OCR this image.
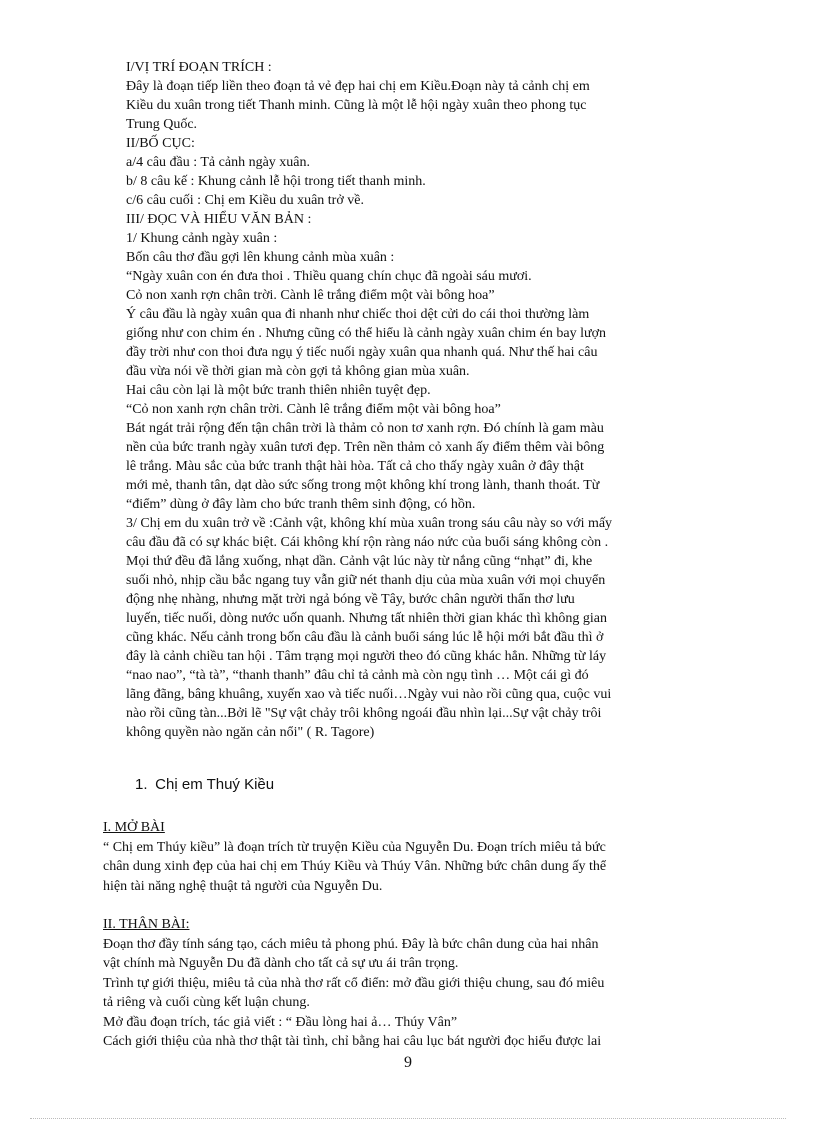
I/VỊ TRÍ ĐOẠN TRÍCH :
Đây là đoạn tiếp liền theo đoạn tả vẻ đẹp hai chị em Kiều.Đoạn này tả cảnh chị em
Kiều du xuân trong tiết Thanh minh. Cũng là một lễ hội ngày xuân theo phong tục
Trung Quốc.
II/BỐ CỤC:
a/4 câu đầu : Tả cảnh ngày xuân.
b/ 8 câu kế : Khung cảnh lễ hội trong tiết thanh minh.
c/6 câu cuối : Chị em Kiều du xuân trở về.
III/ ĐỌC VÀ HIỂU VĂN BẢN :
1/ Khung cảnh ngày xuân :
Bốn câu thơ đầu gợi lên khung cảnh mùa xuân :
“Ngày xuân con én đưa thoi . Thiều quang chín chục đã ngoài sáu mươi.
Cỏ non xanh rợn chân trời. Cành lê trắng điểm một vài bông hoa”
Ý câu đầu là ngày xuân qua đi nhanh như chiếc thoi dệt cửi do cái thoi thường làm
giống như con chim én . Nhưng cũng có thể hiểu là cảnh ngày xuân chim én bay lượn
đầy trời như con thoi đưa ngụ ý tiếc nuối ngày xuân qua nhanh quá. Như thế hai câu
đầu vừa nói về thời gian mà còn gợi tả không gian mùa xuân.
Hai câu còn lại là một bức tranh thiên nhiên tuyệt đẹp.
“Cỏ non xanh rợn chân trời. Cành lê trắng điểm một vài bông hoa”
Bát ngát trải rộng đến tận chân trời là thảm cỏ non tơ xanh rợn. Đó chính là gam màu
nền của bức tranh ngày xuân tươi đẹp. Trên nền thảm cỏ xanh ấy điểm thêm vài bông
lê trắng. Màu sắc của bức tranh thật hài hòa. Tất cả cho thấy ngày xuân ở đây thật
mới mẻ, thanh tân, dạt dào sức sống trong một không khí trong lành, thanh thoát. Từ
“điểm” dùng ở đây làm cho bức tranh thêm sinh động, có hồn.
3/ Chị em du xuân trở về :Cảnh vật, không khí mùa xuân trong sáu câu này so với mấy
câu đầu đã có sự khác biệt. Cái không khí rộn ràng náo nức của buổi sáng không còn .
Mọi thứ đều đã lắng xuống, nhạt dần. Cảnh vật lúc này từ nắng cũng “nhạt” đi, khe
suối nhỏ, nhịp cầu bắc ngang tuy vẫn giữ nét thanh dịu của mùa xuân với mọi chuyển
động nhẹ nhàng, nhưng mặt trời ngả bóng về Tây, bước chân người thẩn thơ lưu
luyến, tiếc nuối, dòng nước uốn quanh. Nhưng tất nhiên thời gian khác thì không gian
cũng khác. Nếu cảnh trong bốn câu đầu là cảnh buổi sáng lúc lễ hội mới bắt đầu thì ở
đây là cảnh chiều tan hội . Tâm trạng mọi người theo đó cũng khác hẳn. Những từ láy
“nao nao”, “tà tà”, “thanh thanh” đâu chỉ tả cảnh mà còn ngụ tình … Một cái gì đó
lãng đãng, bâng khuâng, xuyến xao và tiếc nuối…Ngày vui nào rồi cũng qua, cuộc vui
nào rồi cũng tàn...Bởi lẽ "Sự vật chảy trôi không ngoái đầu nhìn lại...Sự vật chảy trôi
không quyền nào ngăn cản nổi" ( R. Tagore)
1. Chị em Thuý Kiều
I. MỞ BÀI
“ Chị em Thúy kiều” là đoạn trích từ truyện Kiều của Nguyễn Du. Đoạn trích miêu tả bức
chân dung xinh đẹp của hai chị em Thúy Kiều và Thúy Vân. Những bức chân dung ấy thể
hiện tài năng nghệ thuật tả người của Nguyễn Du.
II. THÂN BÀI:
Đoạn thơ đầy tính sáng tạo, cách miêu tả phong phú. Đây là bức chân dung của hai nhân
vật chính mà Nguyễn Du đã dành cho tất cả sự ưu ái trân trọng.
Trình tự giới thiệu, miêu tả của nhà thơ rất cổ điển: mở đầu giới thiệu chung, sau đó miêu
tả riêng và cuối cùng kết luận chung.
Mở đầu đoạn trích, tác giả viết : “ Đầu lòng hai ả… Thúy Vân”
Cách giới thiệu của nhà thơ thật tài tình, chỉ bằng hai câu lục bát người đọc hiểu được lai
9
